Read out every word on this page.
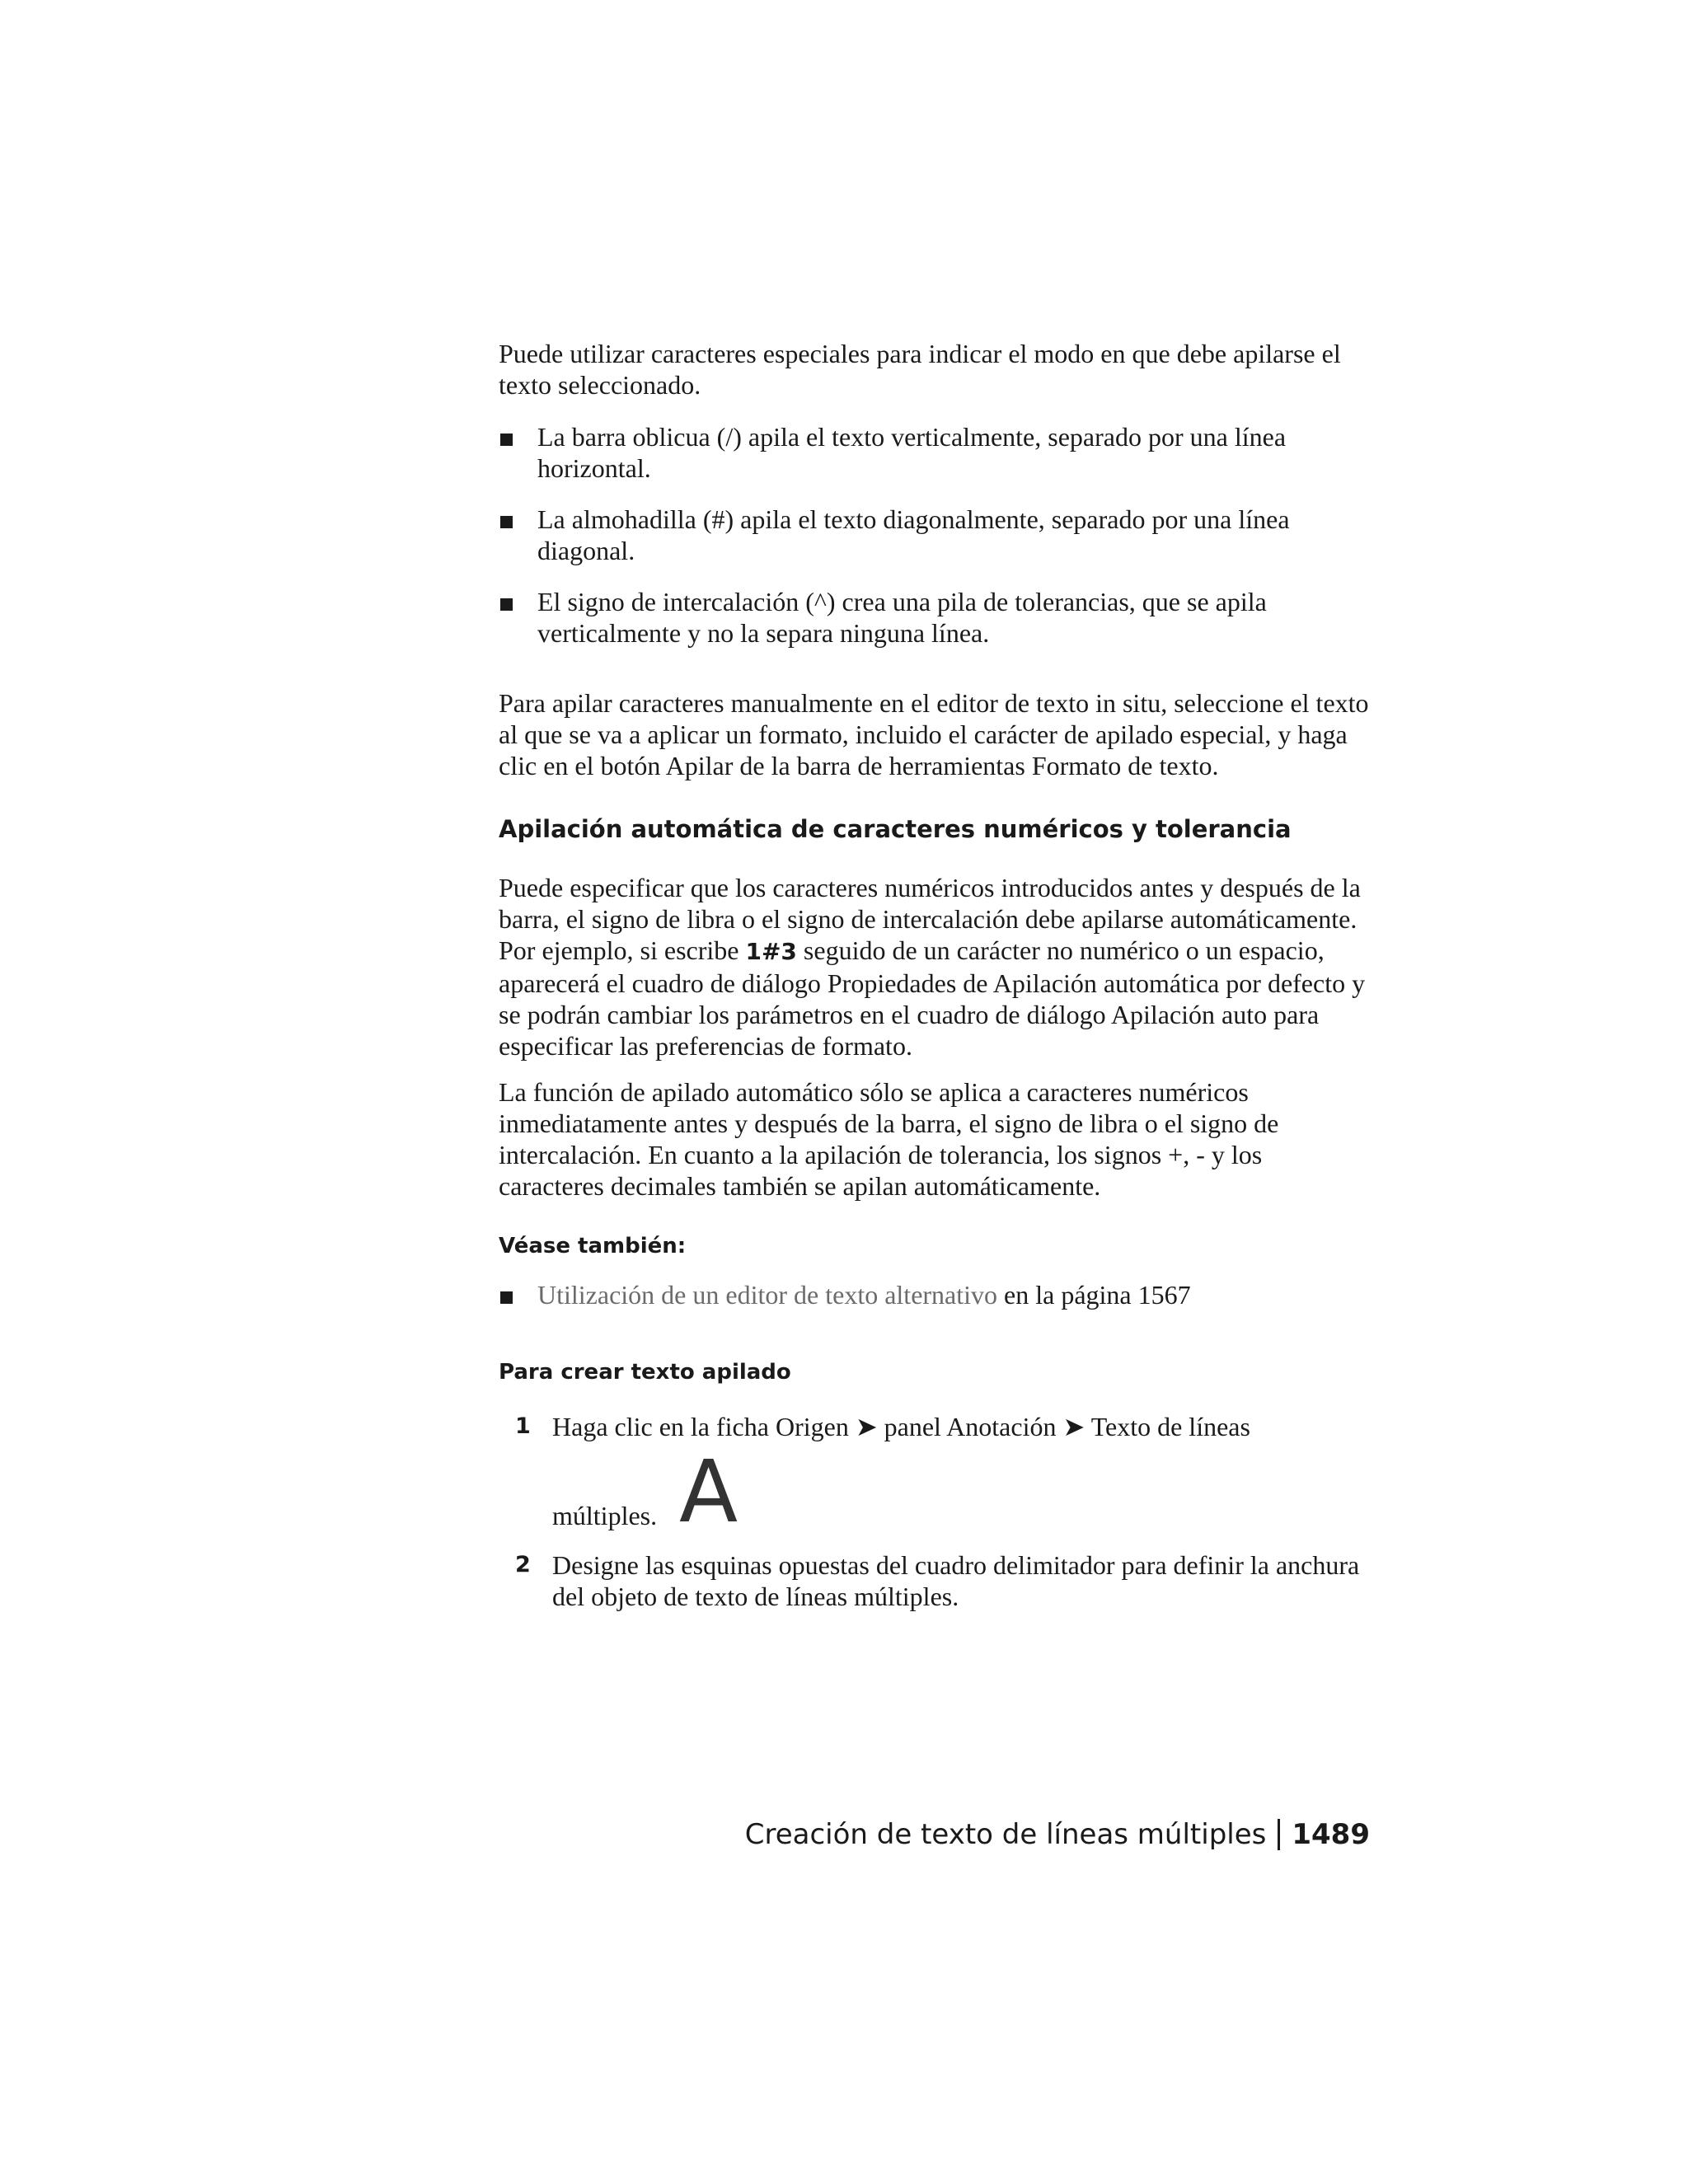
Puede utilizar caracteres especiales para indicar el modo en que debe apilarse el texto seleccionado.
La barra oblicua (/) apila el texto verticalmente, separado por una línea horizontal.
La almohadilla (#) apila el texto diagonalmente, separado por una línea diagonal.
El signo de intercalación (^) crea una pila de tolerancias, que se apila verticalmente y no la separa ninguna línea.
Para apilar caracteres manualmente en el editor de texto in situ, seleccione el texto al que se va a aplicar un formato, incluido el carácter de apilado especial, y haga clic en el botón Apilar de la barra de herramientas Formato de texto.
Apilación automática de caracteres numéricos y tolerancia
Puede especificar que los caracteres numéricos introducidos antes y después de la barra, el signo de libra o el signo de intercalación debe apilarse automáticamente. Por ejemplo, si escribe 1#3 seguido de un carácter no numérico o un espacio, aparecerá el cuadro de diálogo Propiedades de Apilación automática por defecto y se podrán cambiar los parámetros en el cuadro de diálogo Apilación auto para especificar las preferencias de formato.
La función de apilado automático sólo se aplica a caracteres numéricos inmediatamente antes y después de la barra, el signo de libra o el signo de intercalación. En cuanto a la apilación de tolerancia, los signos +, - y los caracteres decimales también se apilan automáticamente.
Véase también:
Utilización de un editor de texto alternativo en la página 1567
Para crear texto apilado
1 Haga clic en la ficha Origen ➤ panel Anotación ➤ Texto de líneas
múltiples. A
2 Designe las esquinas opuestas del cuadro delimitador para definir la anchura del objeto de texto de líneas múltiples.
Creación de texto de líneas múltiples 1489
